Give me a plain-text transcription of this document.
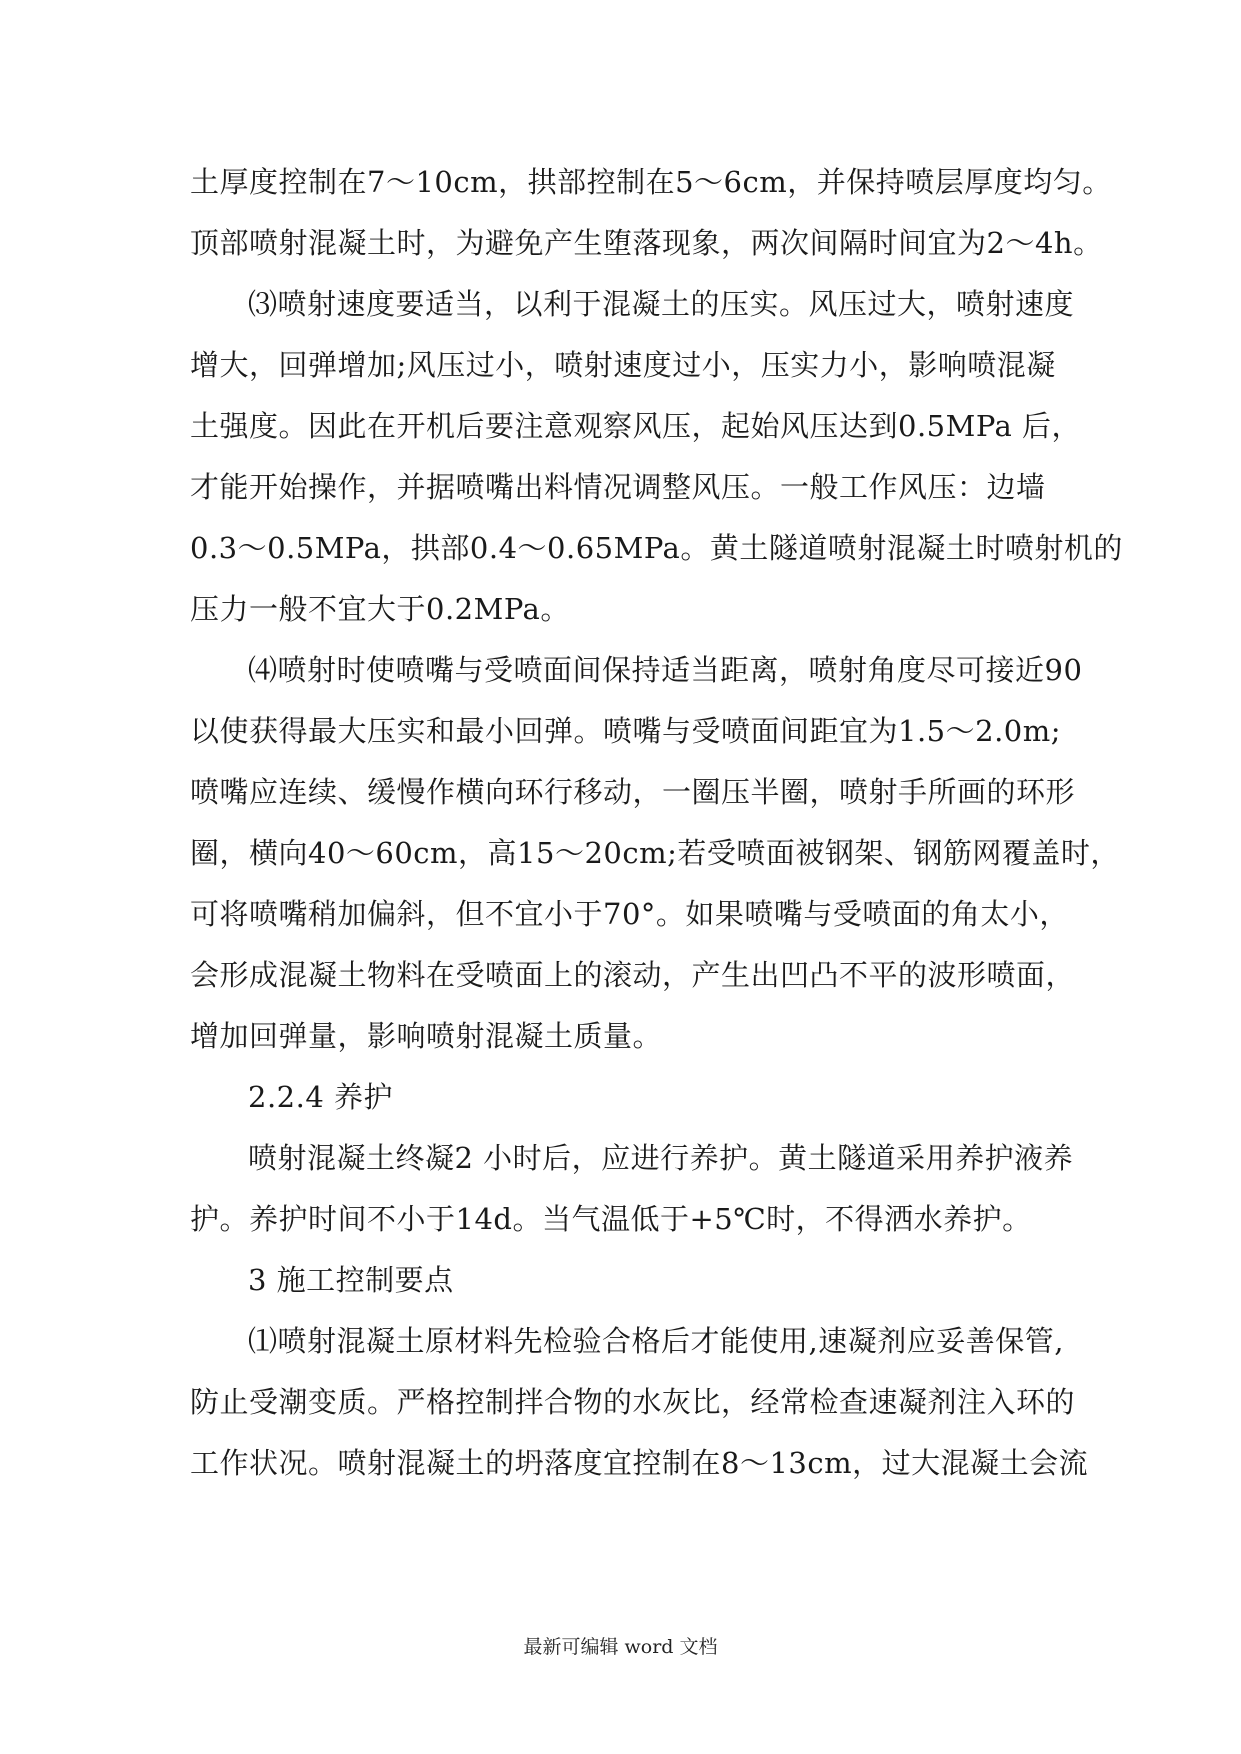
土厚度控制在7～10cm，拱部控制在5～6cm，并保持喷层厚度均匀。
顶部喷射混凝土时，为避免产生堕落现象，两次间隔时间宜为2～4h。
⑶喷射速度要适当，以利于混凝土的压实。风压过大，喷射速度
增大，回弹增加;风压过小，喷射速度过小，压实力小，影响喷混凝
土强度。因此在开机后要注意观察风压，起始风压达到0.5MPa 后，
才能开始操作，并据喷嘴出料情况调整风压。一般工作风压：边墙
0.3～0.5MPa，拱部0.4～0.65MPa。黄土隧道喷射混凝土时喷射机的
压力一般不宜大于0.2MPa。
⑷喷射时使喷嘴与受喷面间保持适当距离，喷射角度尽可接近90
以使获得最大压实和最小回弹。喷嘴与受喷面间距宜为1.5～2.0m;
喷嘴应连续、缓慢作横向环行移动，一圈压半圈，喷射手所画的环形
圈，横向40～60cm，高15～20cm;若受喷面被钢架、钢筋网覆盖时，
可将喷嘴稍加偏斜，但不宜小于70°。如果喷嘴与受喷面的角太小，
会形成混凝土物料在受喷面上的滚动，产生出凹凸不平的波形喷面，
增加回弹量，影响喷射混凝土质量。
2.2.4 养护
喷射混凝土终凝2 小时后，应进行养护。黄土隧道采用养护液养
护。养护时间不小于14d。当气温低于+5℃时，不得洒水养护。
3 施工控制要点
⑴喷射混凝土原材料先检验合格后才能使用,速凝剂应妥善保管,
防止受潮变质。严格控制拌合物的水灰比，经常检查速凝剂注入环的
工作状况。喷射混凝土的坍落度宜控制在8～13cm，过大混凝土会流
最新可编辑 word 文档
